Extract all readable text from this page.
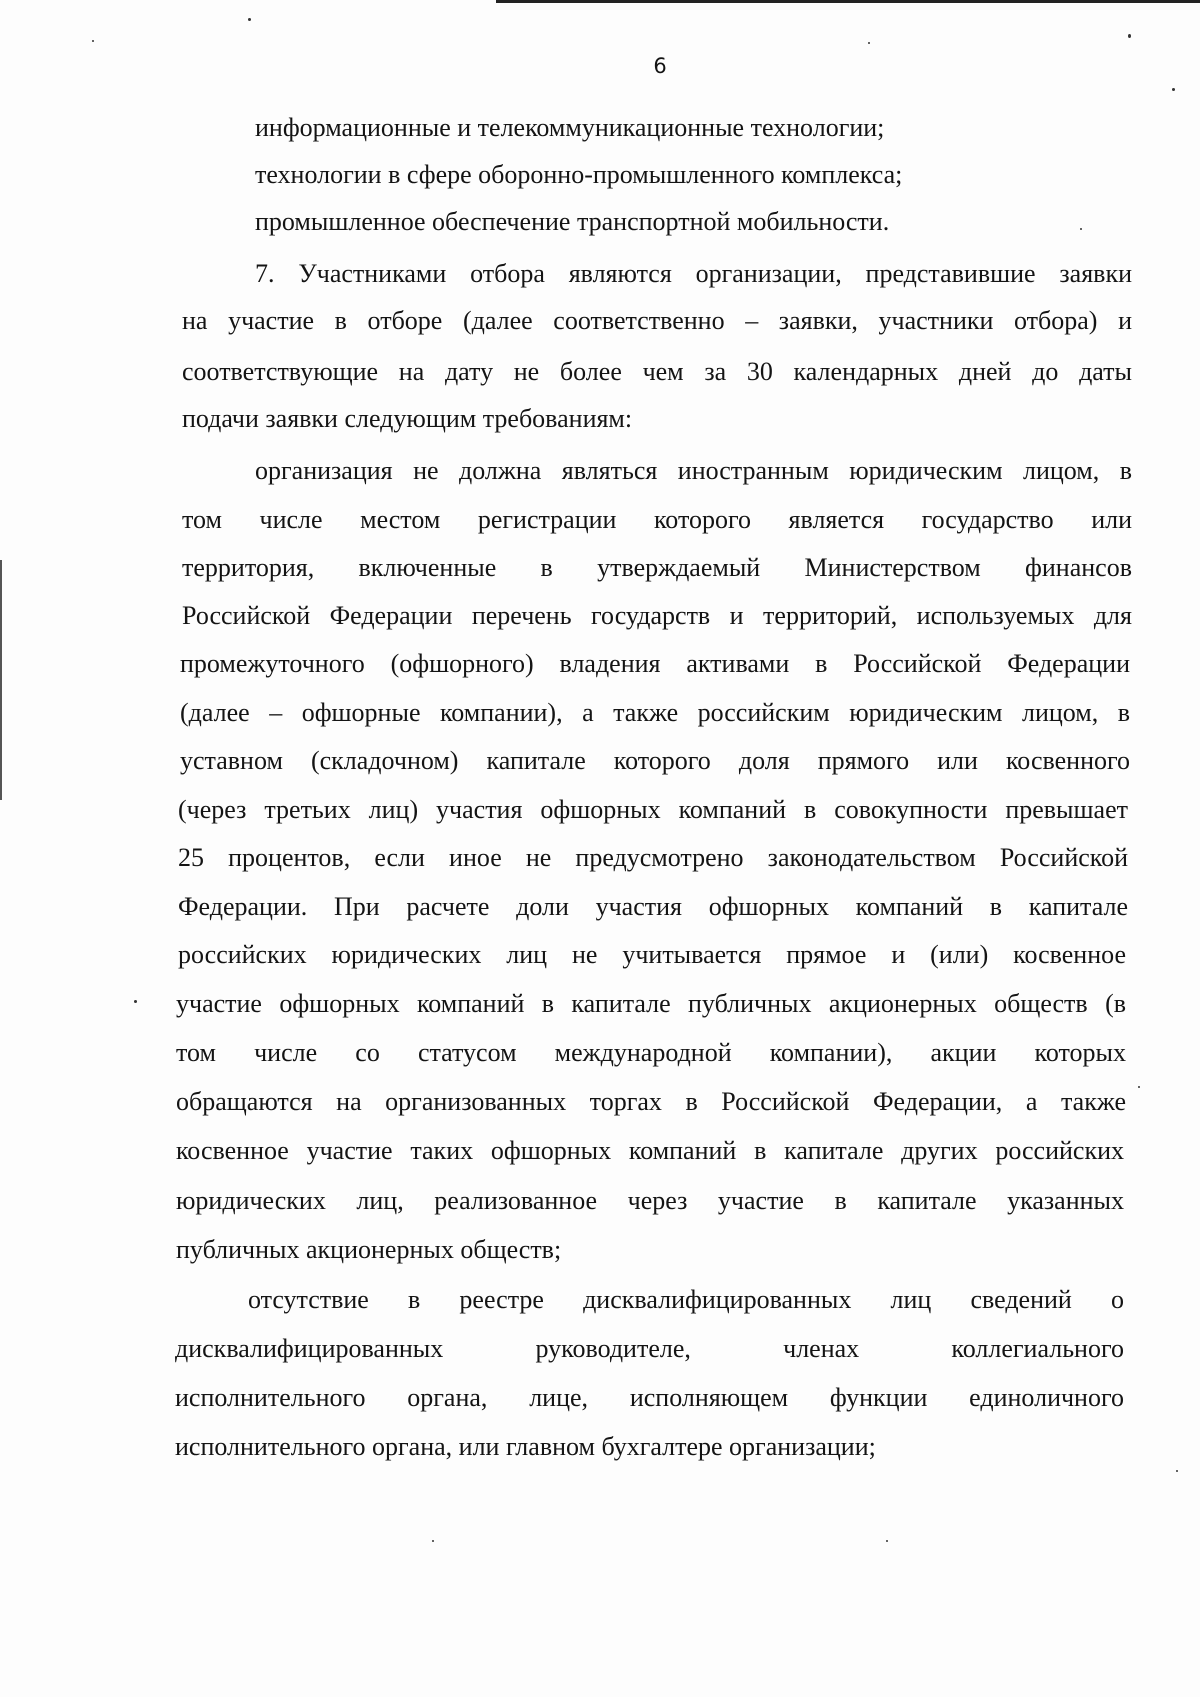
6
информационные и телекоммуникационные технологии;
технологии в сфере оборонно-промышленного комплекса;
промышленное обеспечение транспортной мобильности.
7. Участниками отбора являются организации, представившие заявки
на участие в отборе (далее соответственно – заявки, участники отбора) и
соответствующие на дату не более чем за 30 календарных дней до даты
подачи заявки следующим требованиям:
организация не должна являться иностранным юридическим лицом, в
том числе местом регистрации которого является государство или
территория, включенные в утверждаемый Министерством финансов
Российской Федерации перечень государств и территорий, используемых для
промежуточного (офшорного) владения активами в Российской Федерации
(далее – офшорные компании), а также российским юридическим лицом, в
уставном (складочном) капитале которого доля прямого или косвенного
(через третьих лиц) участия офшорных компаний в совокупности превышает
25 процентов, если иное не предусмотрено законодательством Российской
Федерации. При расчете доли участия офшорных компаний в капитале
российских юридических лиц не учитывается прямое и (или) косвенное
участие офшорных компаний в капитале публичных акционерных обществ (в
том числе со статусом международной компании), акции которых
обращаются на организованных торгах в Российской Федерации, а также
косвенное участие таких офшорных компаний в капитале других российских
юридических лиц, реализованное через участие в капитале указанных
публичных акционерных обществ;
отсутствие в реестре дисквалифицированных лиц сведений о
дисквалифицированных руководителе, членах коллегиального
исполнительного органа, лице, исполняющем функции единоличного
исполнительного органа, или главном бухгалтере организации;
